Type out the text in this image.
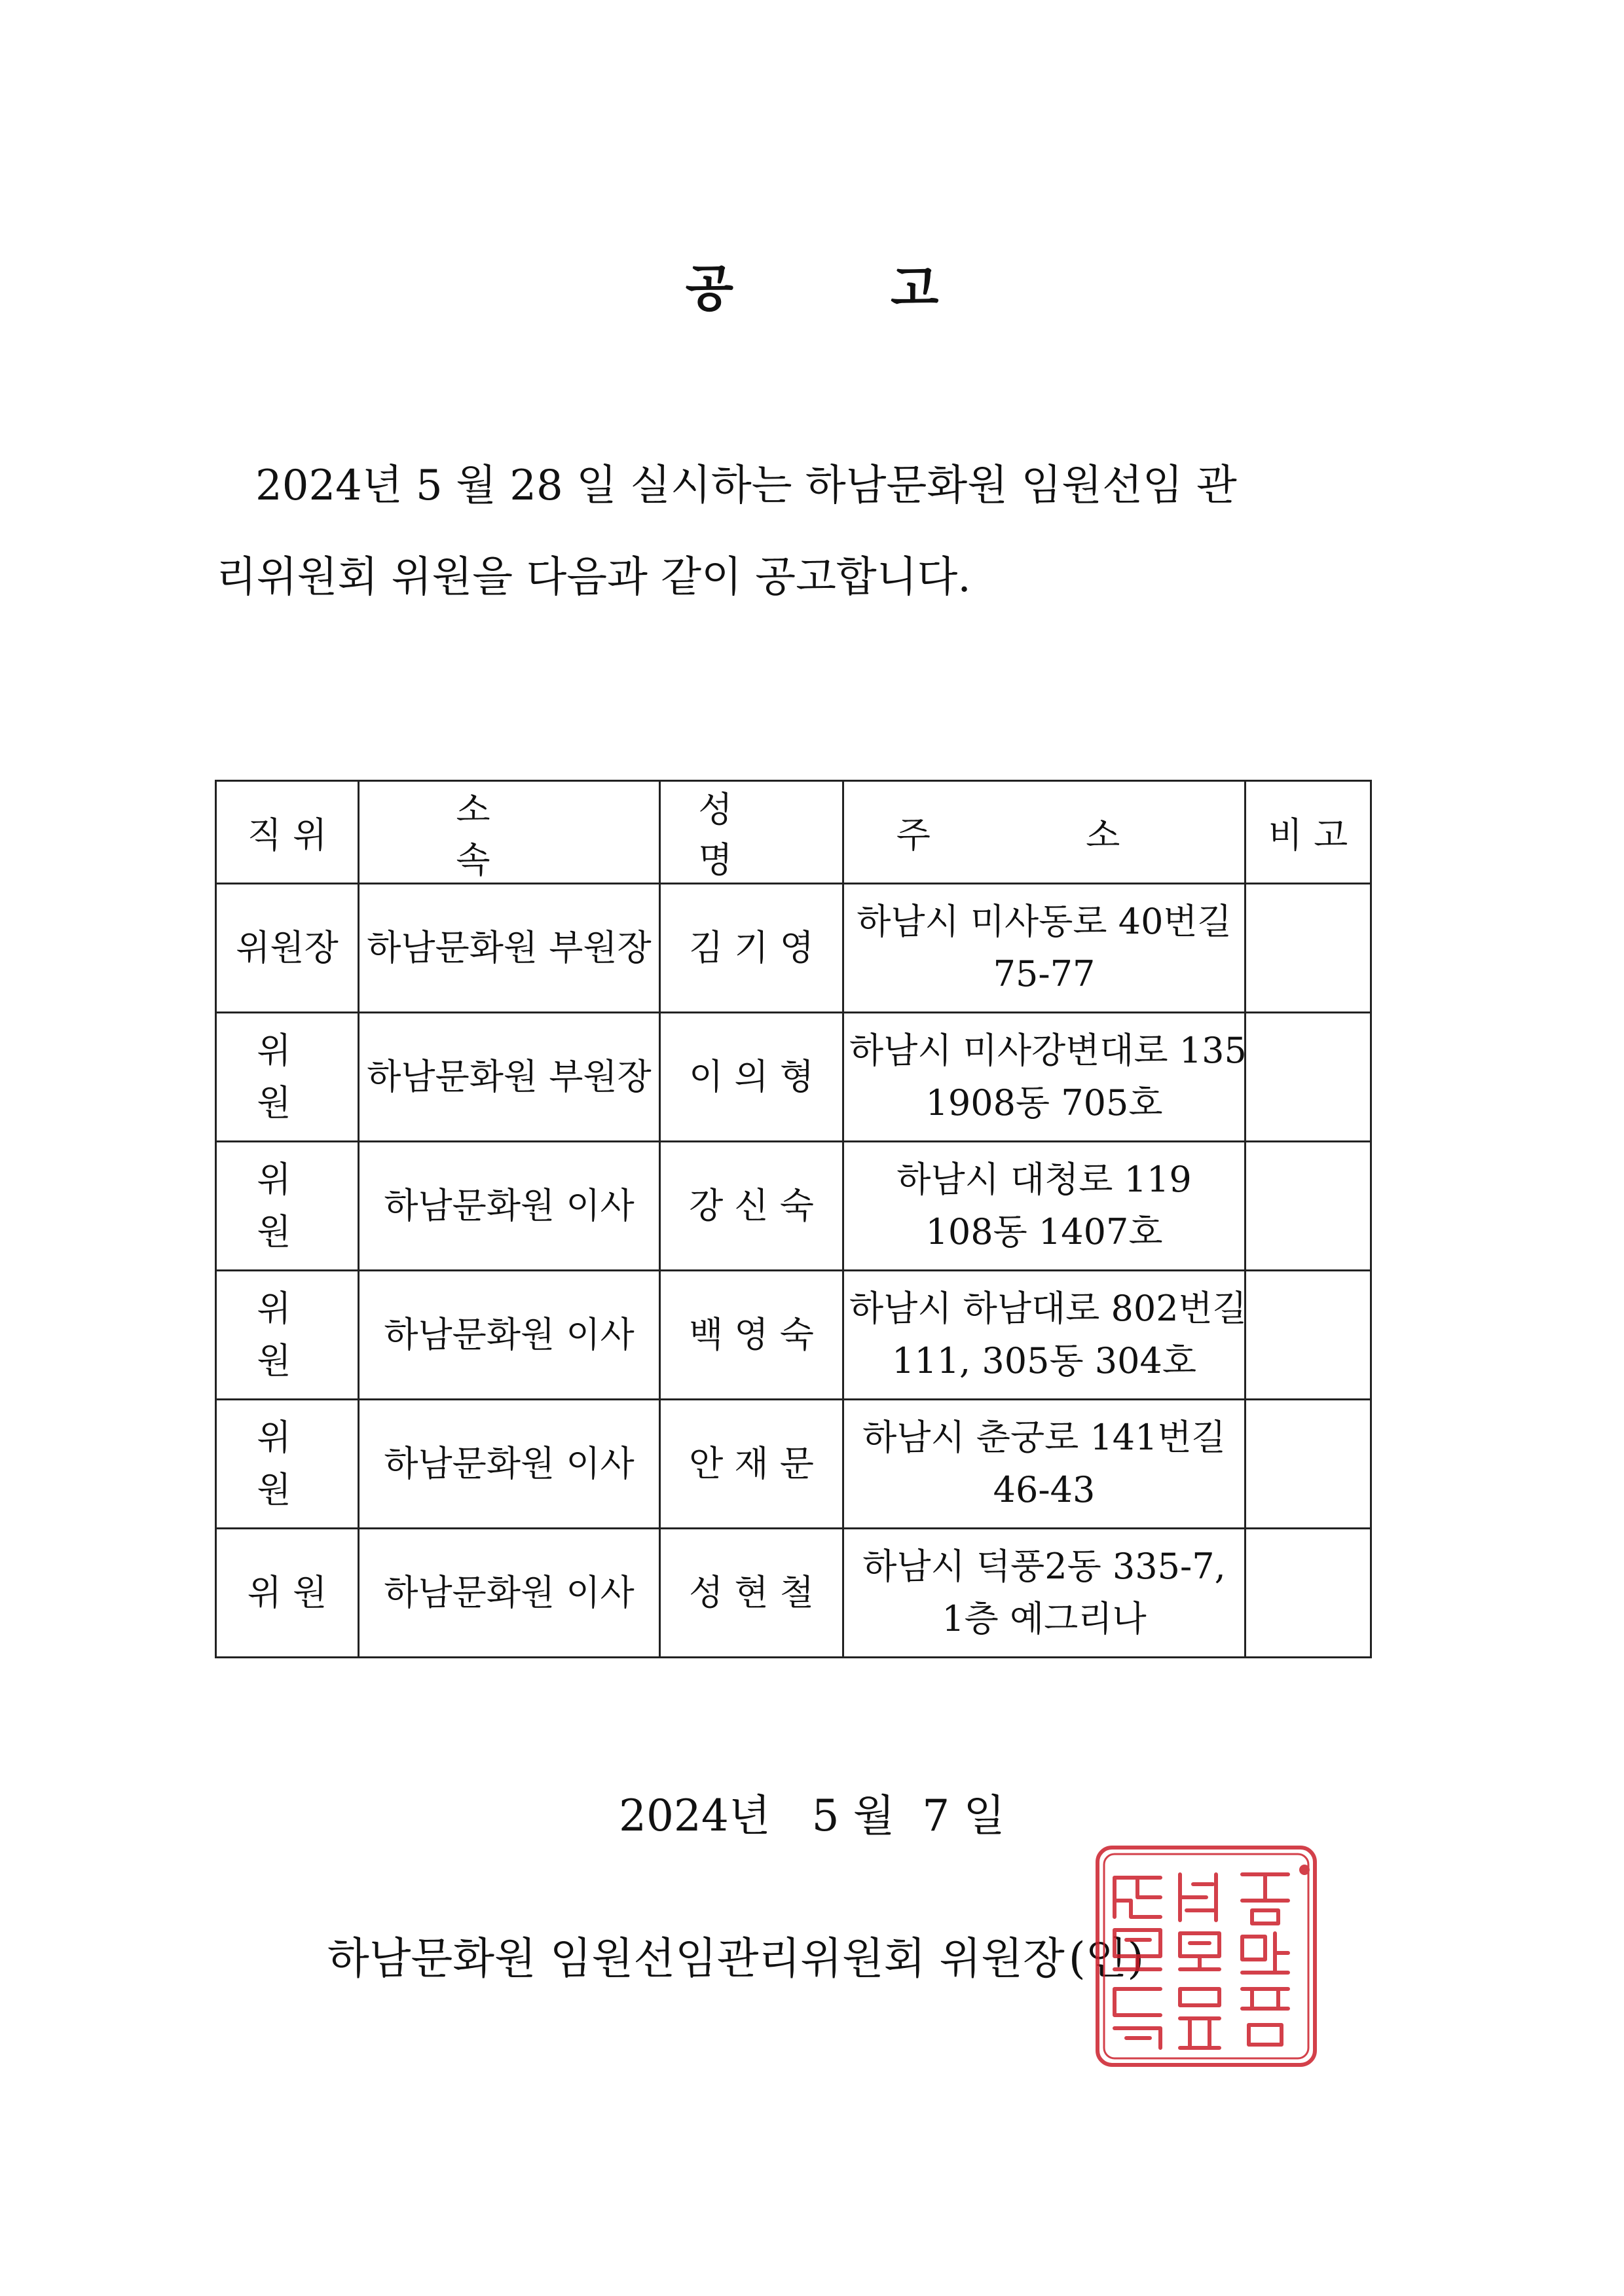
공	고

2024년 5 월 28 일 실시하는 하남문화원 임원선임 관

리위원회 위원을 다음과 같이 공고합니다.

직 위	소 속	성 명	주 소	비 고
위원장	하남문화원 부원장	김 기 영	하남시 미사동로 40번길
75-77	

위 원	하남문화원 부원장	이 의 형	하남시 미사강변대로 135
1908동 705호	

위 원	하남문화원 이사	강 신 숙	하남시 대청로 119
108동 1407호	

위 원	하남문화원 이사	백 영 숙	하남시 하남대로 802번길
111, 305동 304호	

위 원	하남문화원 이사	안 재 문	하남시 춘궁로 141번길
46-43	

위 원	하남문화원 이사	성 현 철	하남시 덕풍2동 335-7,
1층 예그리나	

2024년   5 월  7 일
하남문화원 임원선임관리위원회 위원장(인)
